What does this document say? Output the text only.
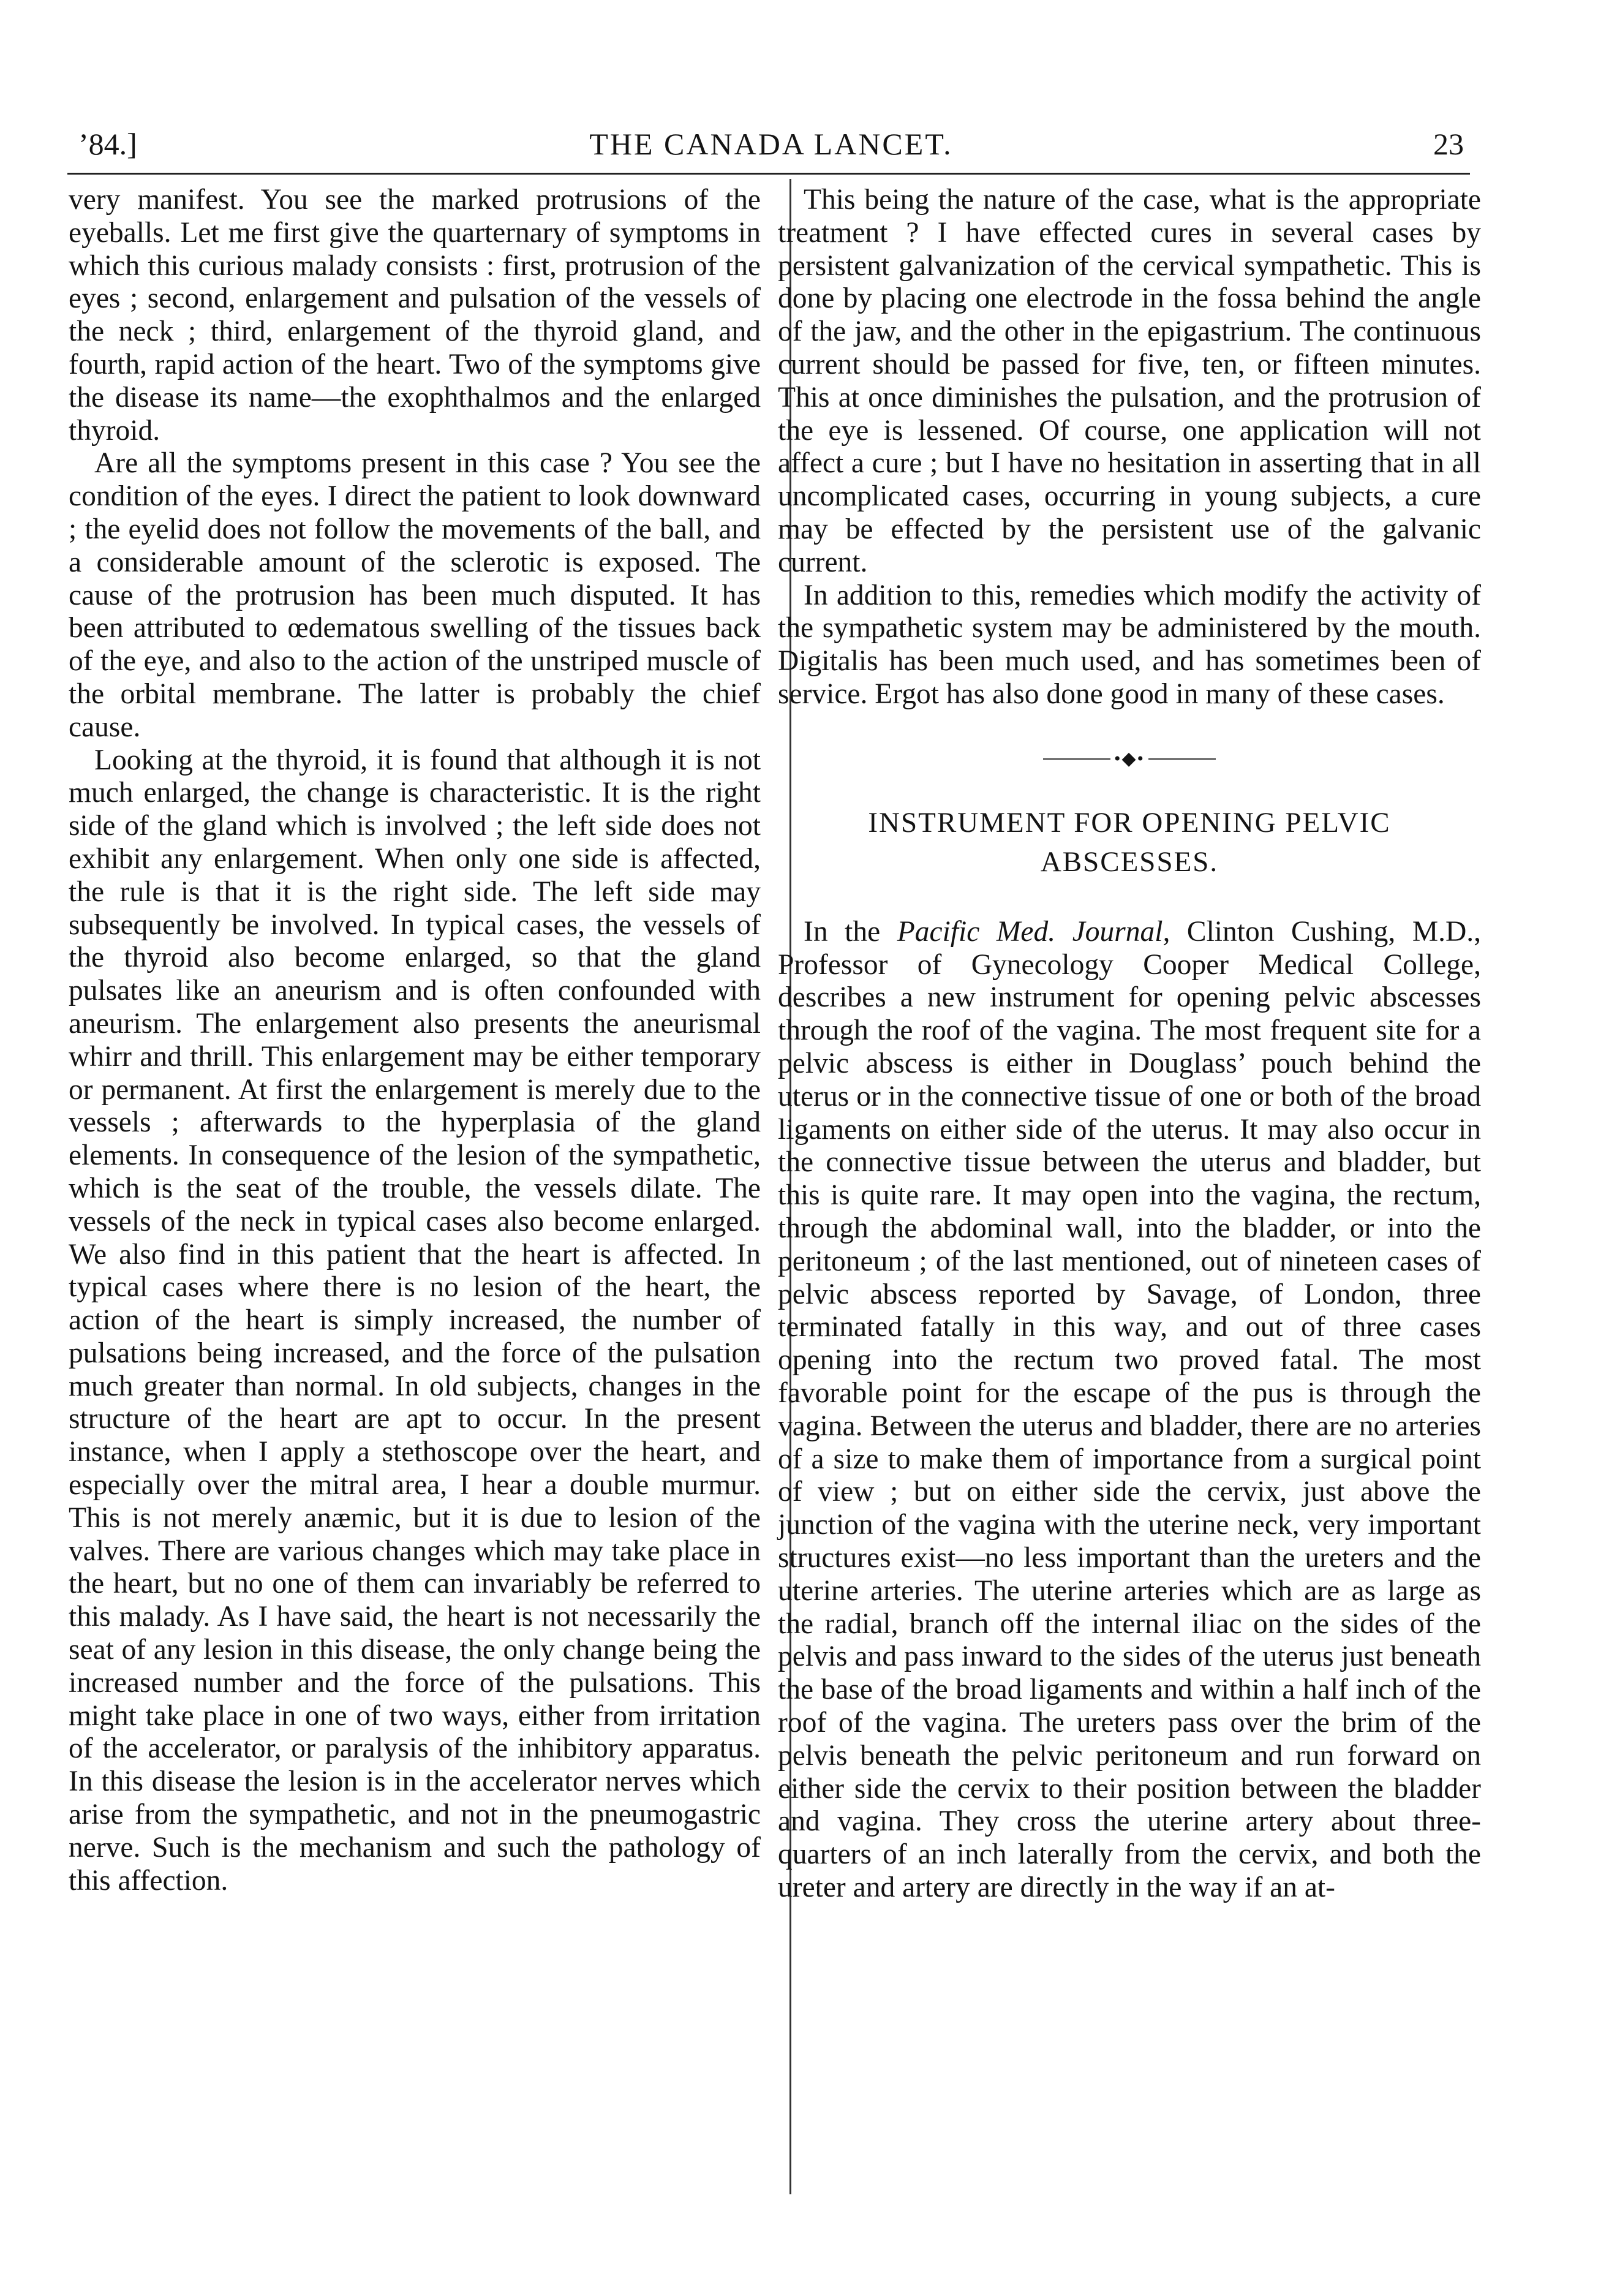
’84.]	THE CANADA LANCET.	23

very manifest. You see the marked protrusions of the eyeballs. Let me first give the quarternary of symptoms in which this curious malady consists : first, protrusion of the eyes ; second, enlargement and pulsation of the vessels of the neck ; third, enlargement of the thyroid gland, and fourth, rapid action of the heart. Two of the symptoms give the disease its name—the exophthalmos and the enlarged thyroid.

Are all the symptoms present in this case ? You see the condition of the eyes. I direct the patient to look downward ; the eyelid does not follow the movements of the ball, and a considerable amount of the sclerotic is exposed. The cause of the protrusion has been much disputed. It has been attributed to œdematous swelling of the tissues back of the eye, and also to the action of the unstriped muscle of the orbital membrane. The latter is probably the chief cause.

Looking at the thyroid, it is found that although it is not much enlarged, the change is characteristic. It is the right side of the gland which is involved ; the left side does not exhibit any enlargement. When only one side is affected, the rule is that it is the right side. The left side may subsequently be involved. In typical cases, the vessels of the thyroid also become enlarged, so that the gland pulsates like an aneurism and is often confounded with aneurism. The enlargement also presents the aneurismal whirr and thrill. This enlargement may be either temporary or permanent. At first the enlargement is merely due to the vessels ; afterwards to the hyperplasia of the gland elements. In consequence of the lesion of the sympathetic, which is the seat of the trouble, the vessels dilate. The vessels of the neck in typical cases also become enlarged. We also find in this patient that the heart is affected. In typical cases where there is no lesion of the heart, the action of the heart is simply increased, the number of pulsations being increased, and the force of the pulsation much greater than normal. In old subjects, changes in the structure of the heart are apt to occur. In the present instance, when I apply a stethoscope over the heart, and especially over the mitral area, I hear a double murmur. This is not merely anæmic, but it is due to lesion of the valves. There are various changes which may take place in the heart, but no one of them can invariably be referred to this malady. As I have said, the heart is not necessarily the seat of any lesion in this disease, the only change being the increased number and the force of the pulsations. This might take place in one of two ways, either from irritation of the accelerator, or paralysis of the inhibitory apparatus. In this disease the lesion is in the accelerator nerves which arise from the sympathetic, and not in the pneumogastric nerve. Such is the mechanism and such the pathology of this affection.

This being the nature of the case, what is the appropriate treatment ? I have effected cures in several cases by persistent galvanization of the cervical sympathetic. This is done by placing one electrode in the fossa behind the angle of the jaw, and the other in the epigastrium. The continuous current should be passed for five, ten, or fifteen minutes. This at once diminishes the pulsation, and the protrusion of the eye is lessened. Of course, one application will not affect a cure ; but I have no hesitation in asserting that in all uncomplicated cases, occurring in young subjects, a cure may be effected by the persistent use of the galvanic current.

In addition to this, remedies which modify the activity of the sympathetic system may be administered by the mouth. Digitalis has been much used, and has sometimes been of service. Ergot has also done good in many of these cases.

•◆•
INSTRUMENT FOR OPENING PELVIC
ABSCESSES.

In the Pacific Med. Journal, Clinton Cushing, M.D., Professor of Gynecology Cooper Medical College, describes a new instrument for opening pelvic abscesses through the roof of the vagina. The most frequent site for a pelvic abscess is either in Douglass’ pouch behind the uterus or in the connective tissue of one or both of the broad ligaments on either side of the uterus. It may also occur in the connective tissue between the uterus and bladder, but this is quite rare. It may open into the vagina, the rectum, through the abdominal wall, into the bladder, or into the peritoneum ; of the last mentioned, out of nineteen cases of pelvic abscess reported by Savage, of London, three terminated fatally in this way, and out of three cases opening into the rectum two proved fatal. The most favorable point for the escape of the pus is through the vagina. Between the uterus and bladder, there are no arteries of a size to make them of importance from a surgical point of view ; but on either side the cervix, just above the junction of the vagina with the uterine neck, very important structures exist—no less important than the ureters and the uterine arteries. The uterine arteries which are as large as the radial, branch off the internal iliac on the sides of the pelvis and pass inward to the sides of the uterus just beneath the base of the broad ligaments and within a half inch of the roof of the vagina. The ureters pass over the brim of the pelvis beneath the pelvic peritoneum and run forward on either side the cervix to their position between the bladder and vagina. They cross the uterine artery about three-quarters of an inch laterally from the cervix, and both the ureter and artery are directly in the way if an at-
